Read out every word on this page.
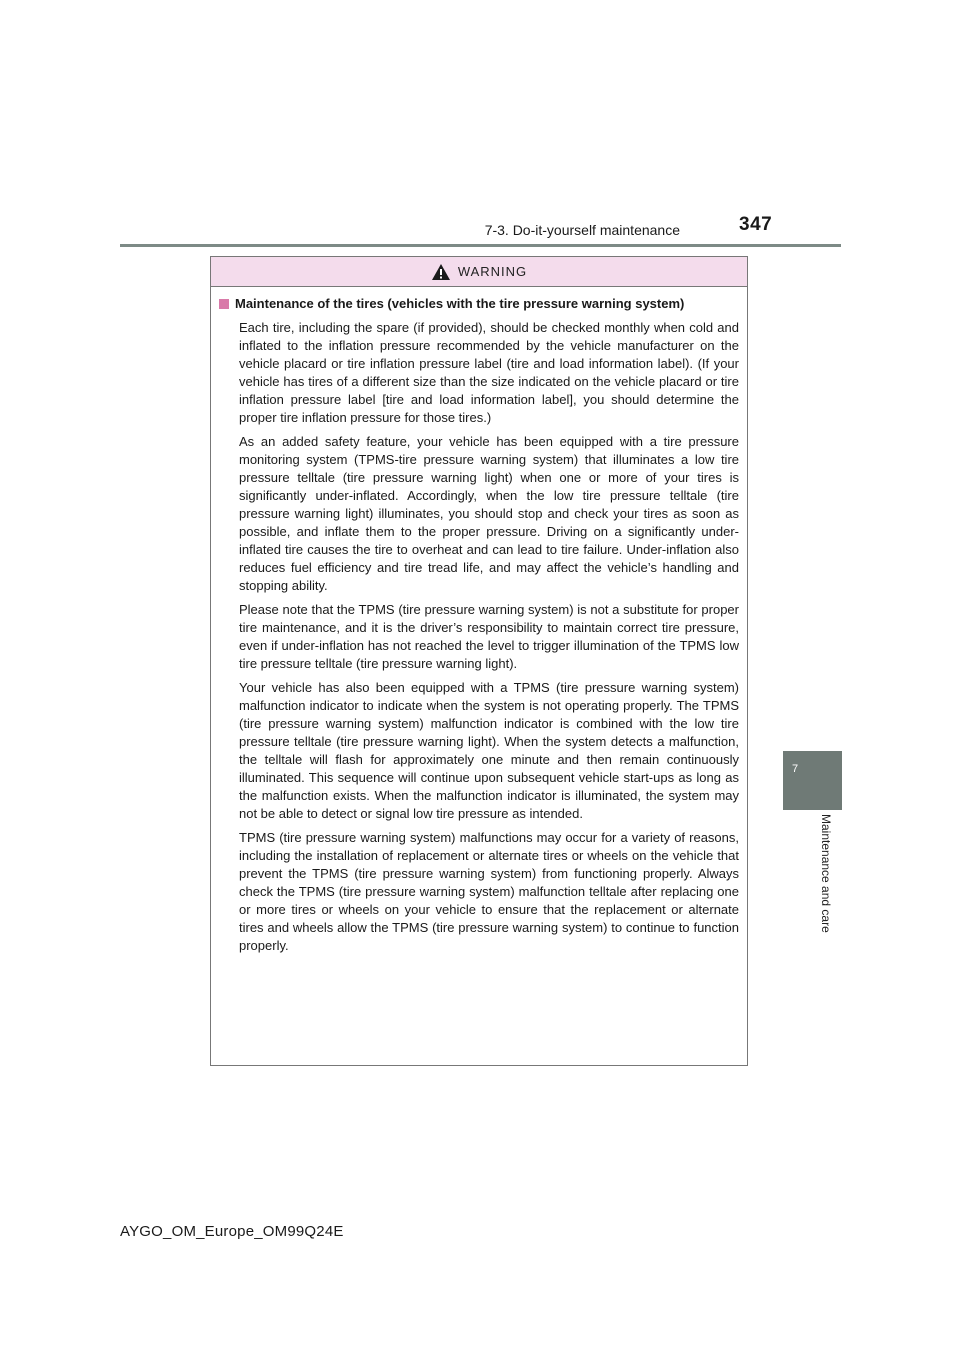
347
7-3. Do-it-yourself maintenance
7
Maintenance and care
WARNING
Maintenance of the tires (vehicles with the tire pressure warning system)

Each tire, including the spare (if provided), should be checked monthly when cold and inflated to the inflation pressure recommended by the vehicle manufacturer on the vehicle placard or tire inflation pressure label (tire and load information label). (If your vehicle has tires of a different size than the size indicated on the vehicle placard or tire inflation pressure label [tire and load information label], you should determine the proper tire inflation pressure for those tires.)

As an added safety feature, your vehicle has been equipped with a tire pressure monitoring system (TPMS-tire pressure warning system) that illuminates a low tire pressure telltale (tire pressure warning light) when one or more of your tires is significantly under-inflated. Accordingly, when the low tire pressure telltale (tire pressure warning light) illuminates, you should stop and check your tires as soon as possible, and inflate them to the proper pressure. Driving on a significantly under-inflated tire causes the tire to overheat and can lead to tire failure. Under-inflation also reduces fuel efficiency and tire tread life, and may affect the vehicle’s handling and stopping ability.

Please note that the TPMS (tire pressure warning system) is not a substitute for proper tire maintenance, and it is the driver’s responsibility to maintain correct tire pressure, even if under-inflation has not reached the level to trigger illumination of the TPMS low tire pressure telltale (tire pressure warning light).

Your vehicle has also been equipped with a TPMS (tire pressure warning system) malfunction indicator to indicate when the system is not operating properly. The TPMS (tire pressure warning system) malfunction indicator is combined with the low tire pressure telltale (tire pressure warning light). When the system detects a malfunction, the telltale will flash for approximately one minute and then remain continuously illuminated. This sequence will continue upon subsequent vehicle start-ups as long as the malfunction exists. When the malfunction indicator is illuminated, the system may not be able to detect or signal low tire pressure as intended.

TPMS (tire pressure warning system) malfunctions may occur for a variety of reasons, including the installation of replacement or alternate tires or wheels on the vehicle that prevent the TPMS (tire pressure warning system) from functioning properly. Always check the TPMS (tire pressure warning system) malfunction telltale after replacing one or more tires or wheels on your vehicle to ensure that the replacement or alternate tires and wheels allow the TPMS (tire pressure warning system) to continue to function properly.

AYGO_OM_Europe_OM99Q24E
